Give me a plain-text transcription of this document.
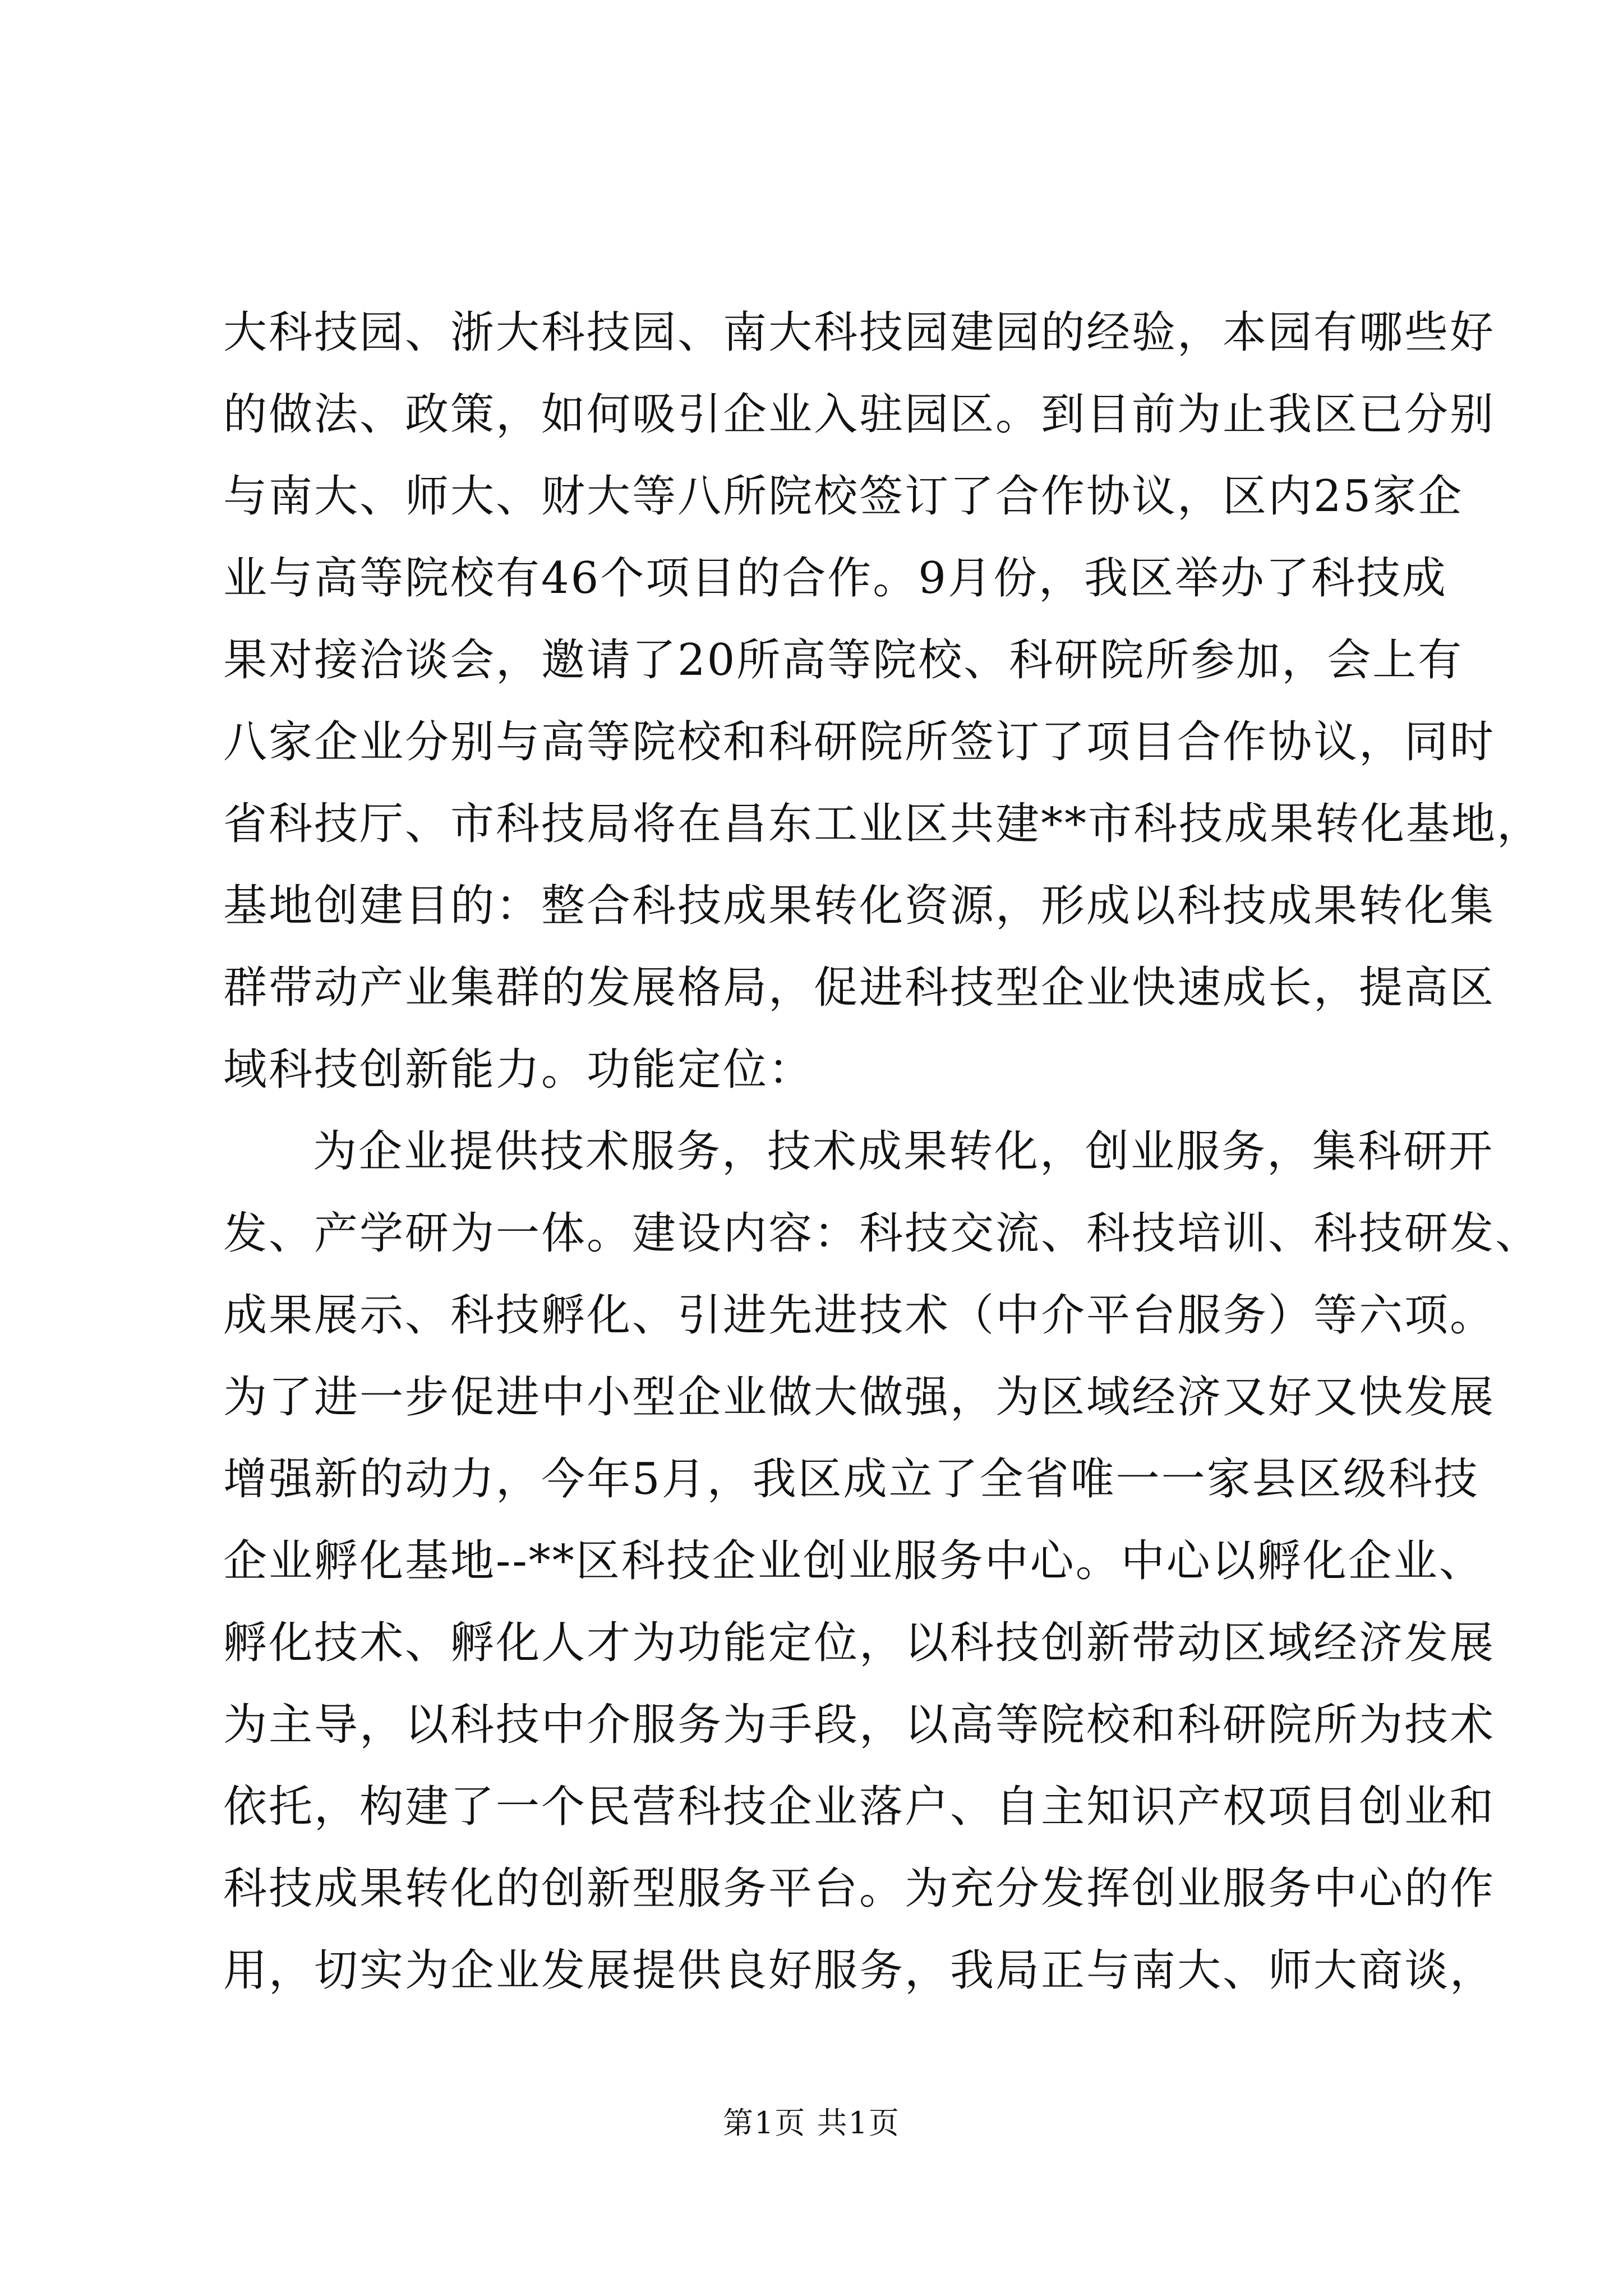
大科技园、浙大科技园、南大科技园建园的经验，本园有哪些好
的做法、政策，如何吸引企业入驻园区。到目前为止我区已分别
与南大、师大、财大等八所院校签订了合作协议，区内25家企
业与高等院校有46个项目的合作。9月份，我区举办了科技成
果对接洽谈会，邀请了20所高等院校、科研院所参加，会上有
八家企业分别与高等院校和科研院所签订了项目合作协议，同时
省科技厅、市科技局将在昌东工业区共建**市科技成果转化基地，
基地创建目的：整合科技成果转化资源，形成以科技成果转化集
群带动产业集群的发展格局，促进科技型企业快速成长，提高区
域科技创新能力。功能定位：
为企业提供技术服务，技术成果转化，创业服务，集科研开
发、产学研为一体。建设内容：科技交流、科技培训、科技研发、
成果展示、科技孵化、引进先进技术（中介平台服务）等六项。
为了进一步促进中小型企业做大做强，为区域经济又好又快发展
增强新的动力，今年5月，我区成立了全省唯一一家县区级科技
企业孵化基地--**区科技企业创业服务中心。中心以孵化企业、
孵化技术、孵化人才为功能定位，以科技创新带动区域经济发展
为主导，以科技中介服务为手段，以高等院校和科研院所为技术
依托，构建了一个民营科技企业落户、自主知识产权项目创业和
科技成果转化的创新型服务平台。为充分发挥创业服务中心的作
用，切实为企业发展提供良好服务，我局正与南大、师大商谈，
第1页 共1页
